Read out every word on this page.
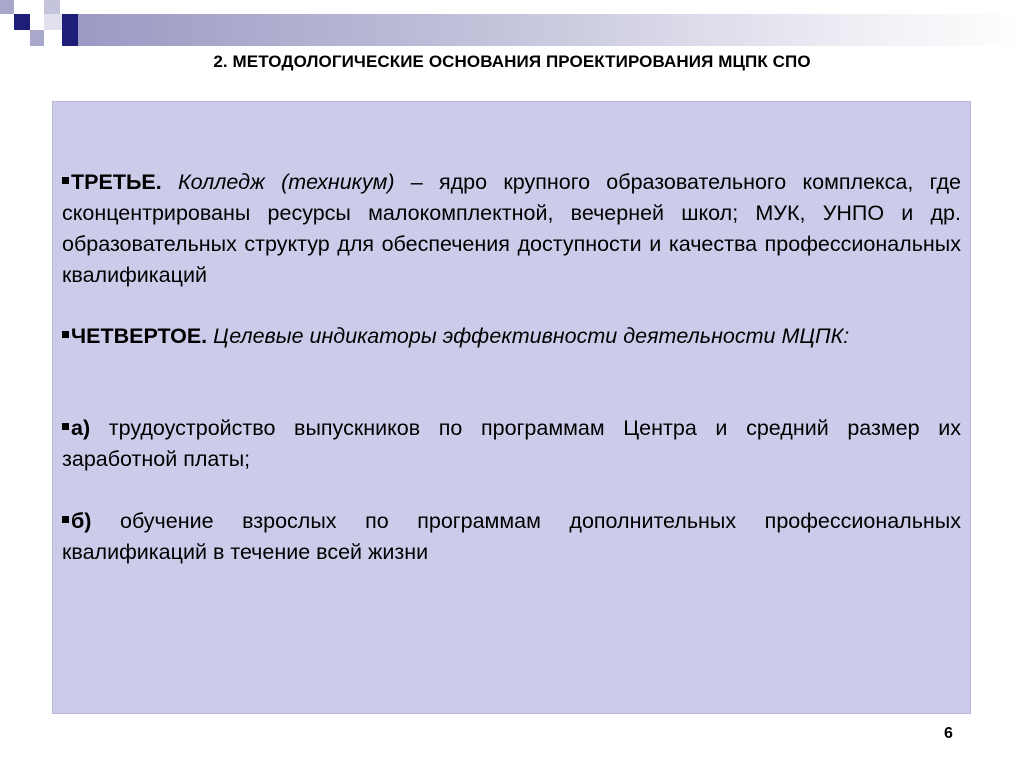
2. МЕТОДОЛОГИЧЕСКИЕ ОСНОВАНИЯ ПРОЕКТИРОВАНИЯ МЦПК СПО
ТРЕТЬЕ. Колледж (техникум) – ядро крупного образовательного комплекса, где сконцентрированы ресурсы малокомплектной, вечерней школ; МУК, УНПО и др. образовательных структур для обеспечения доступности и качества профессиональных квалификаций
ЧЕТВЕРТОЕ. Целевые индикаторы эффективности деятельности МЦПК:
а) трудоустройство выпускников по программам Центра и средний размер их заработной платы;
б) обучение взрослых по программам дополнительных профессиональных квалификаций в течение всей жизни
6
